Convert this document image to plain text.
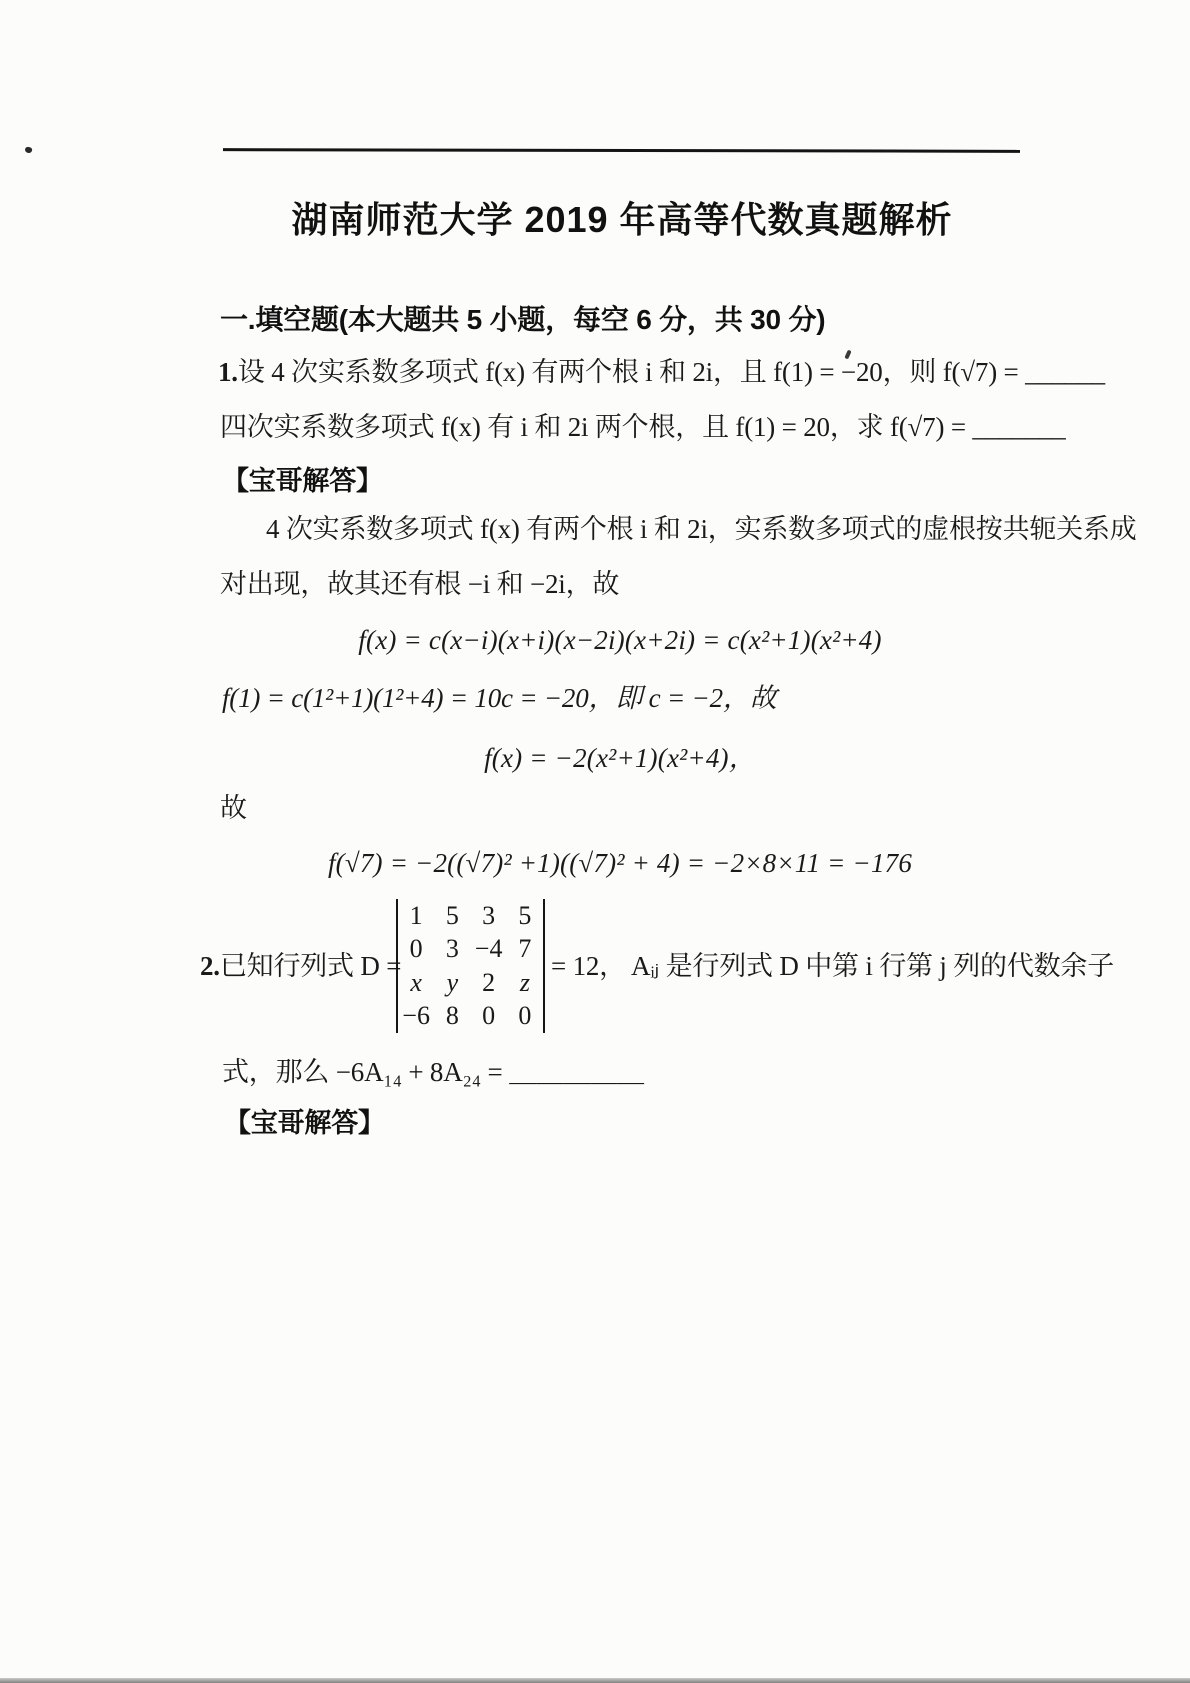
湖南师范大学 2019 年高等代数真题解析
一.填空题(本大题共 5 小题，每空 6 分，共 30 分)
1.设 4 次实系数多项式 f(x) 有两个根 i 和 2i，且 f(1) = −20，则 f(√7) = ______
四次实系数多项式 f(x) 有 i 和 2i 两个根，且 f(1) = 20，求 f(√7) = _______
【宝哥解答】
4 次实系数多项式 f(x) 有两个根 i 和 2i，实系数多项式的虚根按共轭关系成
对出现，故其还有根 −i 和 −2i，故
f(x) = c(x−i)(x+i)(x−2i)(x+2i) = c(x²+1)(x²+4)
f(1) = c(1²+1)(1²+4) = 10c = −20，即 c = −2，故
f(x) = −2(x²+1)(x²+4)，
故
f(√7) = −2((√7)² +1)((√7)² + 4) = −2×8×11 = −176
2.已知行列式 D =
1 5 3 5
0 3 −4 7
x y 2 z
−6 8 0 0
= 12， Aᵢⱼ 是行列式 D 中第 i 行第 j 列的代数余子
式，那么 −6A₁₄ + 8A₂₄ = ＿＿＿＿＿
【宝哥解答】
